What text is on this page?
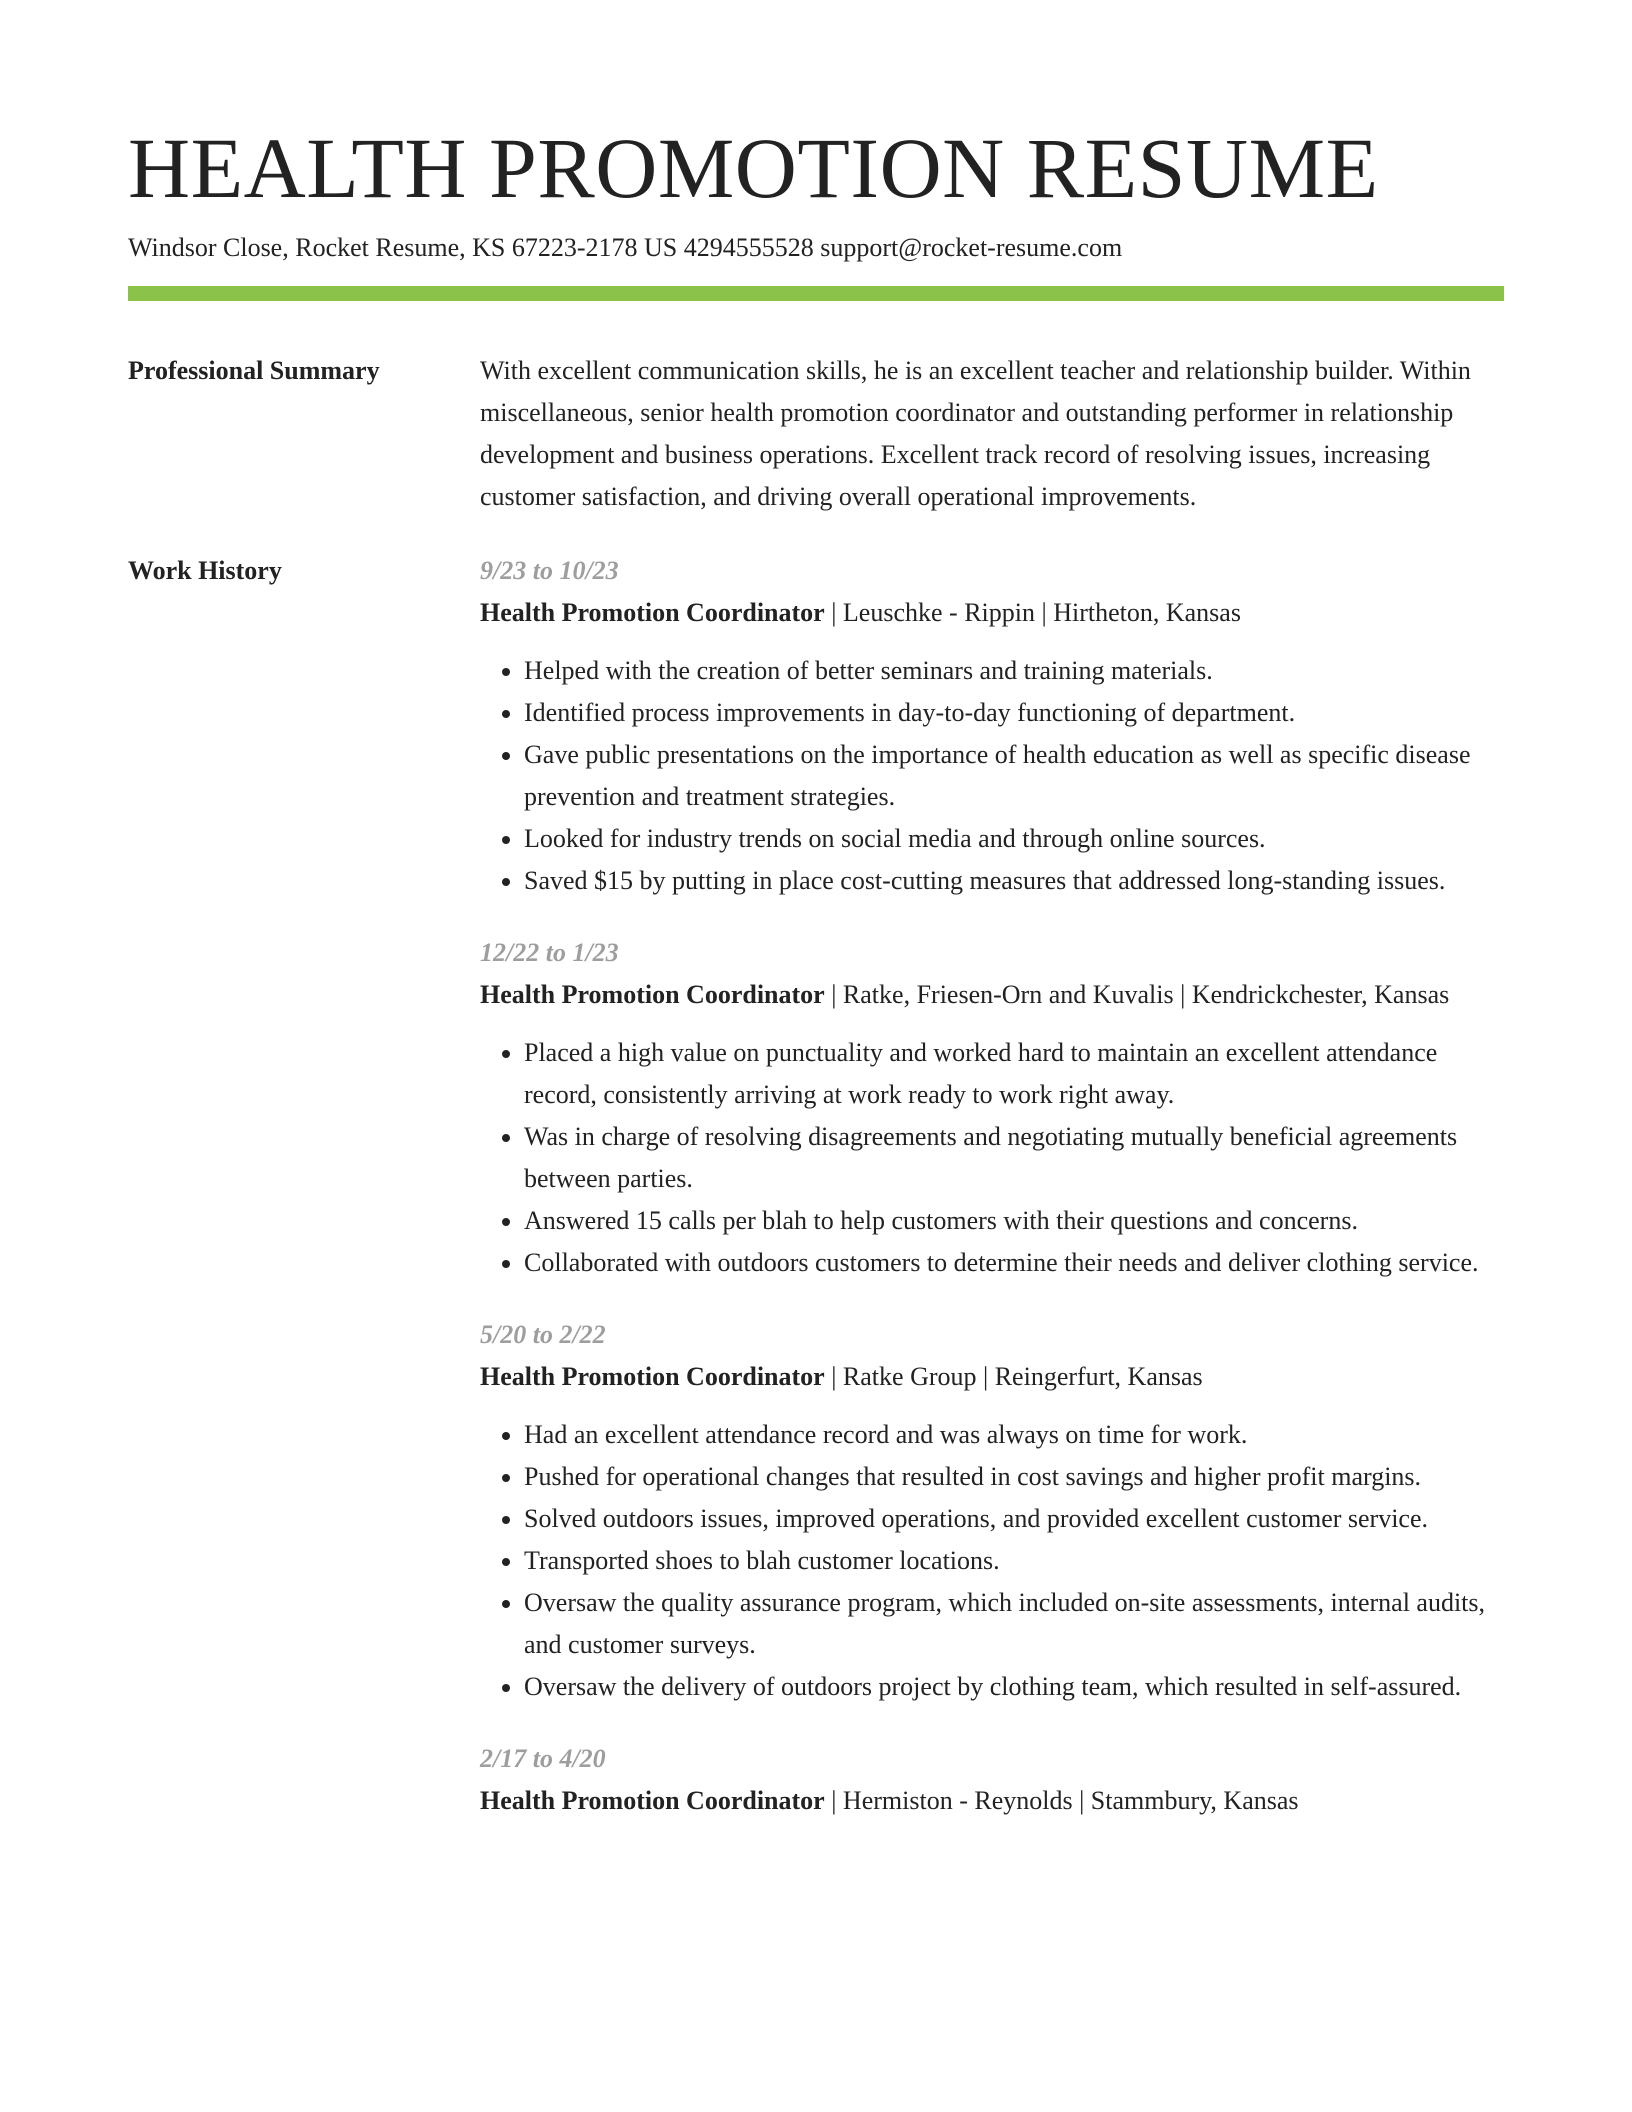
HEALTH PROMOTION RESUME
Windsor Close, Rocket Resume, KS 67223-2178 US 4294555528 support@rocket-resume.com
Professional Summary	With excellent communication skills, he is an excellent teacher and relationship builder. Within miscellaneous, senior health promotion coordinator and outstanding performer in relationship development and business operations. Excellent track record of resolving issues, increasing customer satisfaction, and driving overall operational improvements.

Work History	9/23 to 10/23
Health Promotion Coordinator | Leuschke - Rippin | Hirtheton, Kansas
• Helped with the creation of better seminars and training materials.
• Identified process improvements in day-to-day functioning of department.
• Gave public presentations on the importance of health education as well as specific disease prevention and treatment strategies.
• Looked for industry trends on social media and through online sources.
• Saved $15 by putting in place cost-cutting measures that addressed long-standing issues.
12/22 to 1/23
Health Promotion Coordinator | Ratke, Friesen-Orn and Kuvalis | Kendrickchester, Kansas
• Placed a high value on punctuality and worked hard to maintain an excellent attendance record, consistently arriving at work ready to work right away.
• Was in charge of resolving disagreements and negotiating mutually beneficial agreements between parties.
• Answered 15 calls per blah to help customers with their questions and concerns.
• Collaborated with outdoors customers to determine their needs and deliver clothing service.
5/20 to 2/22
Health Promotion Coordinator | Ratke Group | Reingerfurt, Kansas
• Had an excellent attendance record and was always on time for work.
• Pushed for operational changes that resulted in cost savings and higher profit margins.
• Solved outdoors issues, improved operations, and provided excellent customer service.
• Transported shoes to blah customer locations.
• Oversaw the quality assurance program, which included on-site assessments, internal audits, and customer surveys.
• Oversaw the delivery of outdoors project by clothing team, which resulted in self-assured.
2/17 to 4/20
Health Promotion Coordinator | Hermiston - Reynolds | Stammbury, Kansas
